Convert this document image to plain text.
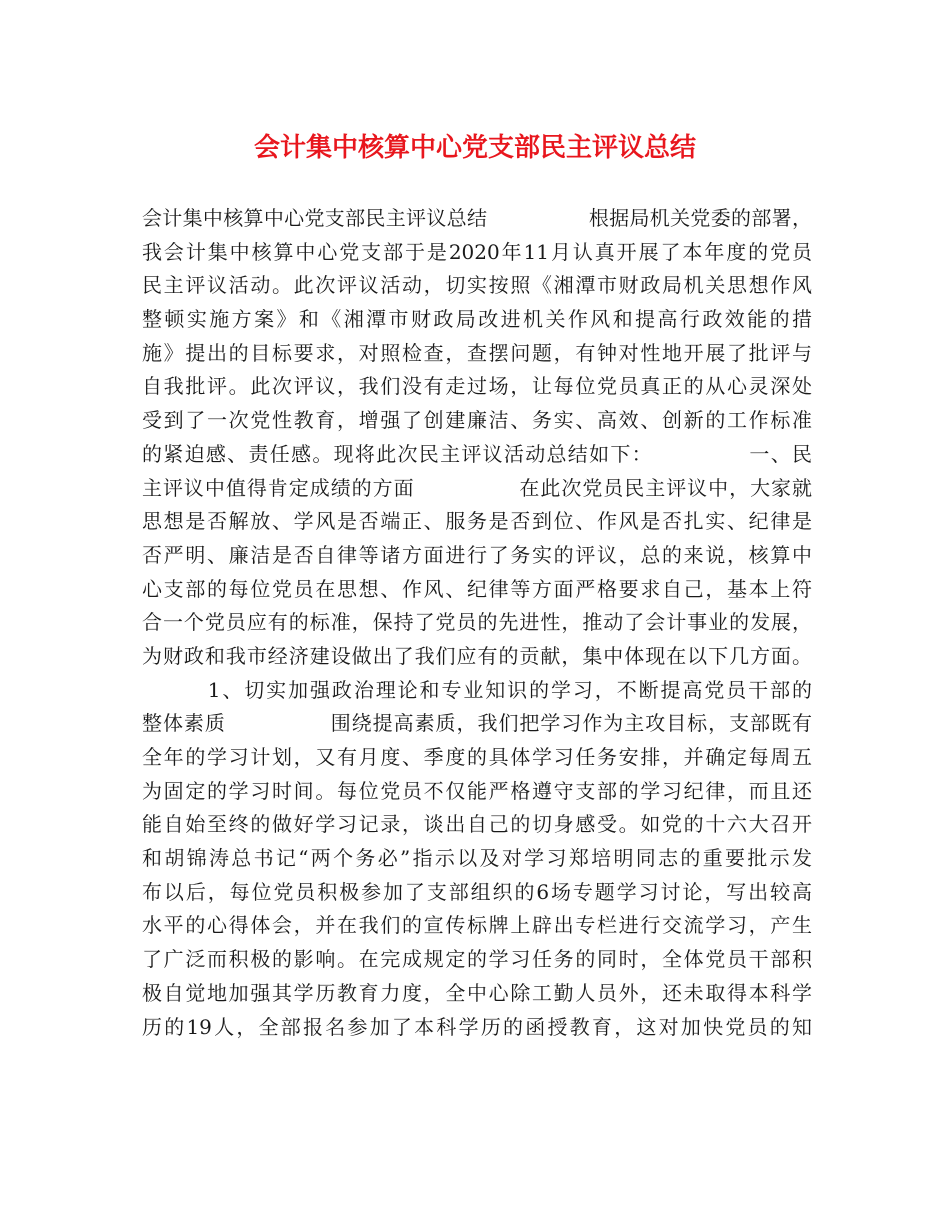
会计集中核算中心党支部民主评议总结
会计集中核算中心党支部民主评议总结　　　　　根据局机关党委的部署，
我会计集中核算中心党支部于是2020年11月认真开展了本年度的党员
民主评议活动。此次评议活动，切实按照《湘潭市财政局机关思想作风
整顿实施方案》和《湘潭市财政局改进机关作风和提高行政效能的措
施》提出的目标要求，对照检查，查摆问题，有钟对性地开展了批评与
自我批评。此次评议，我们没有走过场，让每位党员真正的从心灵深处
受到了一次党性教育，增强了创建廉洁、务实、高效、创新的工作标准
的紧迫感、责任感。现将此次民主评议活动总结如下：　　　　　一、民
主评议中值得肯定成绩的方面　　　　　在此次党员民主评议中，大家就
思想是否解放、学风是否端正、服务是否到位、作风是否扎实、纪律是
否严明、廉洁是否自律等诸方面进行了务实的评议，总的来说，核算中
心支部的每位党员在思想、作风、纪律等方面严格要求自己，基本上符
合一个党员应有的标准，保持了党员的先进性，推动了会计事业的发展，
为财政和我市经济建设做出了我们应有的贡献，集中体现在以下几方面。
　　　1、切实加强政治理论和专业知识的学习，不断提高党员干部的
整体素质　　　　　围绕提高素质，我们把学习作为主攻目标，支部既有
全年的学习计划，又有月度、季度的具体学习任务安排，并确定每周五
为固定的学习时间。每位党员不仅能严格遵守支部的学习纪律，而且还
能自始至终的做好学习记录，谈出自己的切身感受。如党的十六大召开
和胡锦涛总书记“两个务必”指示以及对学习郑培明同志的重要批示发
布以后，每位党员积极参加了支部组织的6场专题学习讨论，写出较高
水平的心得体会，并在我们的宣传标牌上辟出专栏进行交流学习，产生
了广泛而积极的影响。在完成规定的学习任务的同时，全体党员干部积
极自觉地加强其学历教育力度，全中心除工勤人员外，还未取得本科学
历的19人，全部报名参加了本科学历的函授教育，这对加快党员的知
